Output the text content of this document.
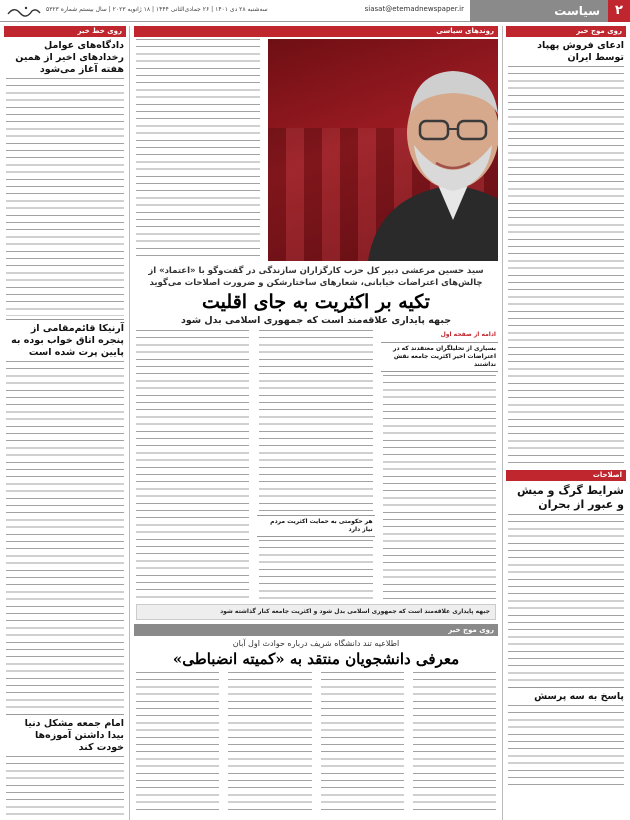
۲
سیاست
siasat@etemadnewspaper.ir
سه‌شنبه ۲۸ دی ۱۴۰۱ | ۲۶ جمادی‌الثانی ۱۴۴۴ | ۱۸ ژانویه ۲۰۲۳ | سال بیستم شماره ۵۳۲۳
روی موج خبر
ادعای فروش پهپاد توسط ایران
اصلاحات
شرایط گرگ و میش و عبور از بحران
پاسخ به سه پرسش
روندهای سیاسی
سید حسین مرعشی دبیر کل حزب کارگزاران سازندگی در گفت‌وگو با «اعتماد» از چالش‌های اعتراضات خیابانی، شعارهای ساختارشکن و ضرورت اصلاحات می‌گوید
تکیه بر اکثریت به جای اقلیت
جبهه پایداری علاقه‌مند است که جمهوری اسلامی بدل شود
ادامه از صفحه اول
بسیاری از تحلیلگران معتقدند که در اعتراضات اخیر اکثریت جامعه نقش نداشتند
هر حکومتی به حمایت اکثریت مردم نیاز دارد
جبهه پایداری علاقه‌مند است که جمهوری اسلامی بدل شود و اکثریت جامعه کنار گذاشته شود
روی موج خبر
اطلاعیه تند دانشگاه شریف درباره حوادث اول آبان
معرفی دانشجویان منتقد به «کمیته انضباطی»
روی خط خبر
دادگاه‌های عوامل رخدادهای اخیر از همین هفته آغاز می‌شود
آرنیکا قائم‌مقامی از پنجره اتاق خواب بوده به پایین پرت شده است
امام جمعه مشکل دنیا بیدا داشتن آموزه‌ها خودت کند
